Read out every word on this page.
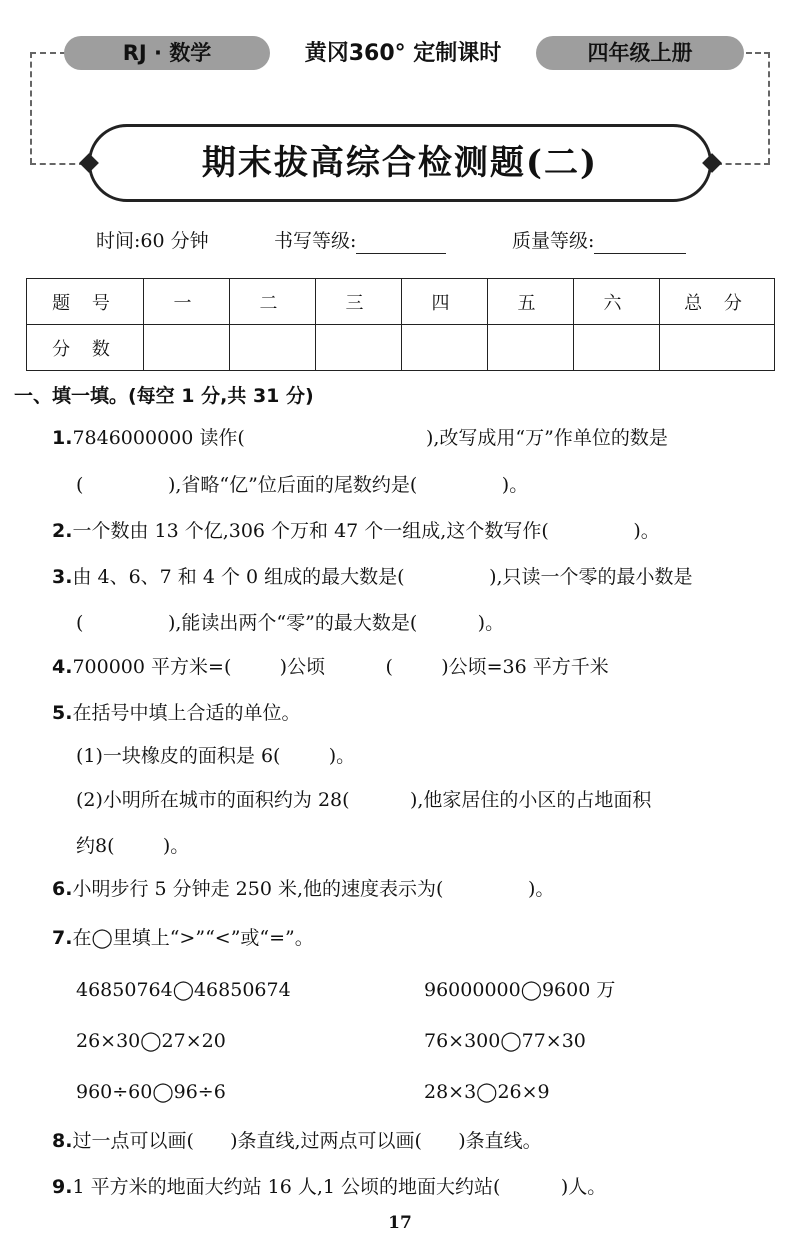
RJ · 数学	黄冈360° 定制课时	四年级上册
期末拔高综合检测题(二)
时间:60 分钟	书写等级:	质量等级:
题 号	一	二	三	四	五	六	总 分
分 数							
一、填一填。(每空 1 分,共 31 分)
1.7846000000 读作(                              ),改写成用“万”作单位的数是
(              ),省略“亿”位后面的尾数约是(              )。
2.一个数由 13 个亿,306 个万和 47 个一组成,这个数写作(              )。
3.由 4、6、7 和 4 个 0 组成的最大数是(              ),只读一个零的最小数是
(              ),能读出两个“零”的最大数是(          )。
4.700000 平方米=(        )公顷          (        )公顷=36 平方千米
5.在括号中填上合适的单位。
(1)一块橡皮的面积是 6(        )。
(2)小明所在城市的面积约为 28(          ),他家居住的小区的占地面积
约8(        )。
6.小明步行 5 分钟走 250 米,他的速度表示为(              )。
7.在◯里填上“>”“<”或“=”。
46850764◯46850674	96000000◯9600 万
26×30◯27×20	76×300◯77×30
960÷60◯96÷6	28×3◯26×9
8.过一点可以画(      )条直线,过两点可以画(      )条直线。
9.1 平方米的地面大约站 16 人,1 公顷的地面大约站(          )人。
17
